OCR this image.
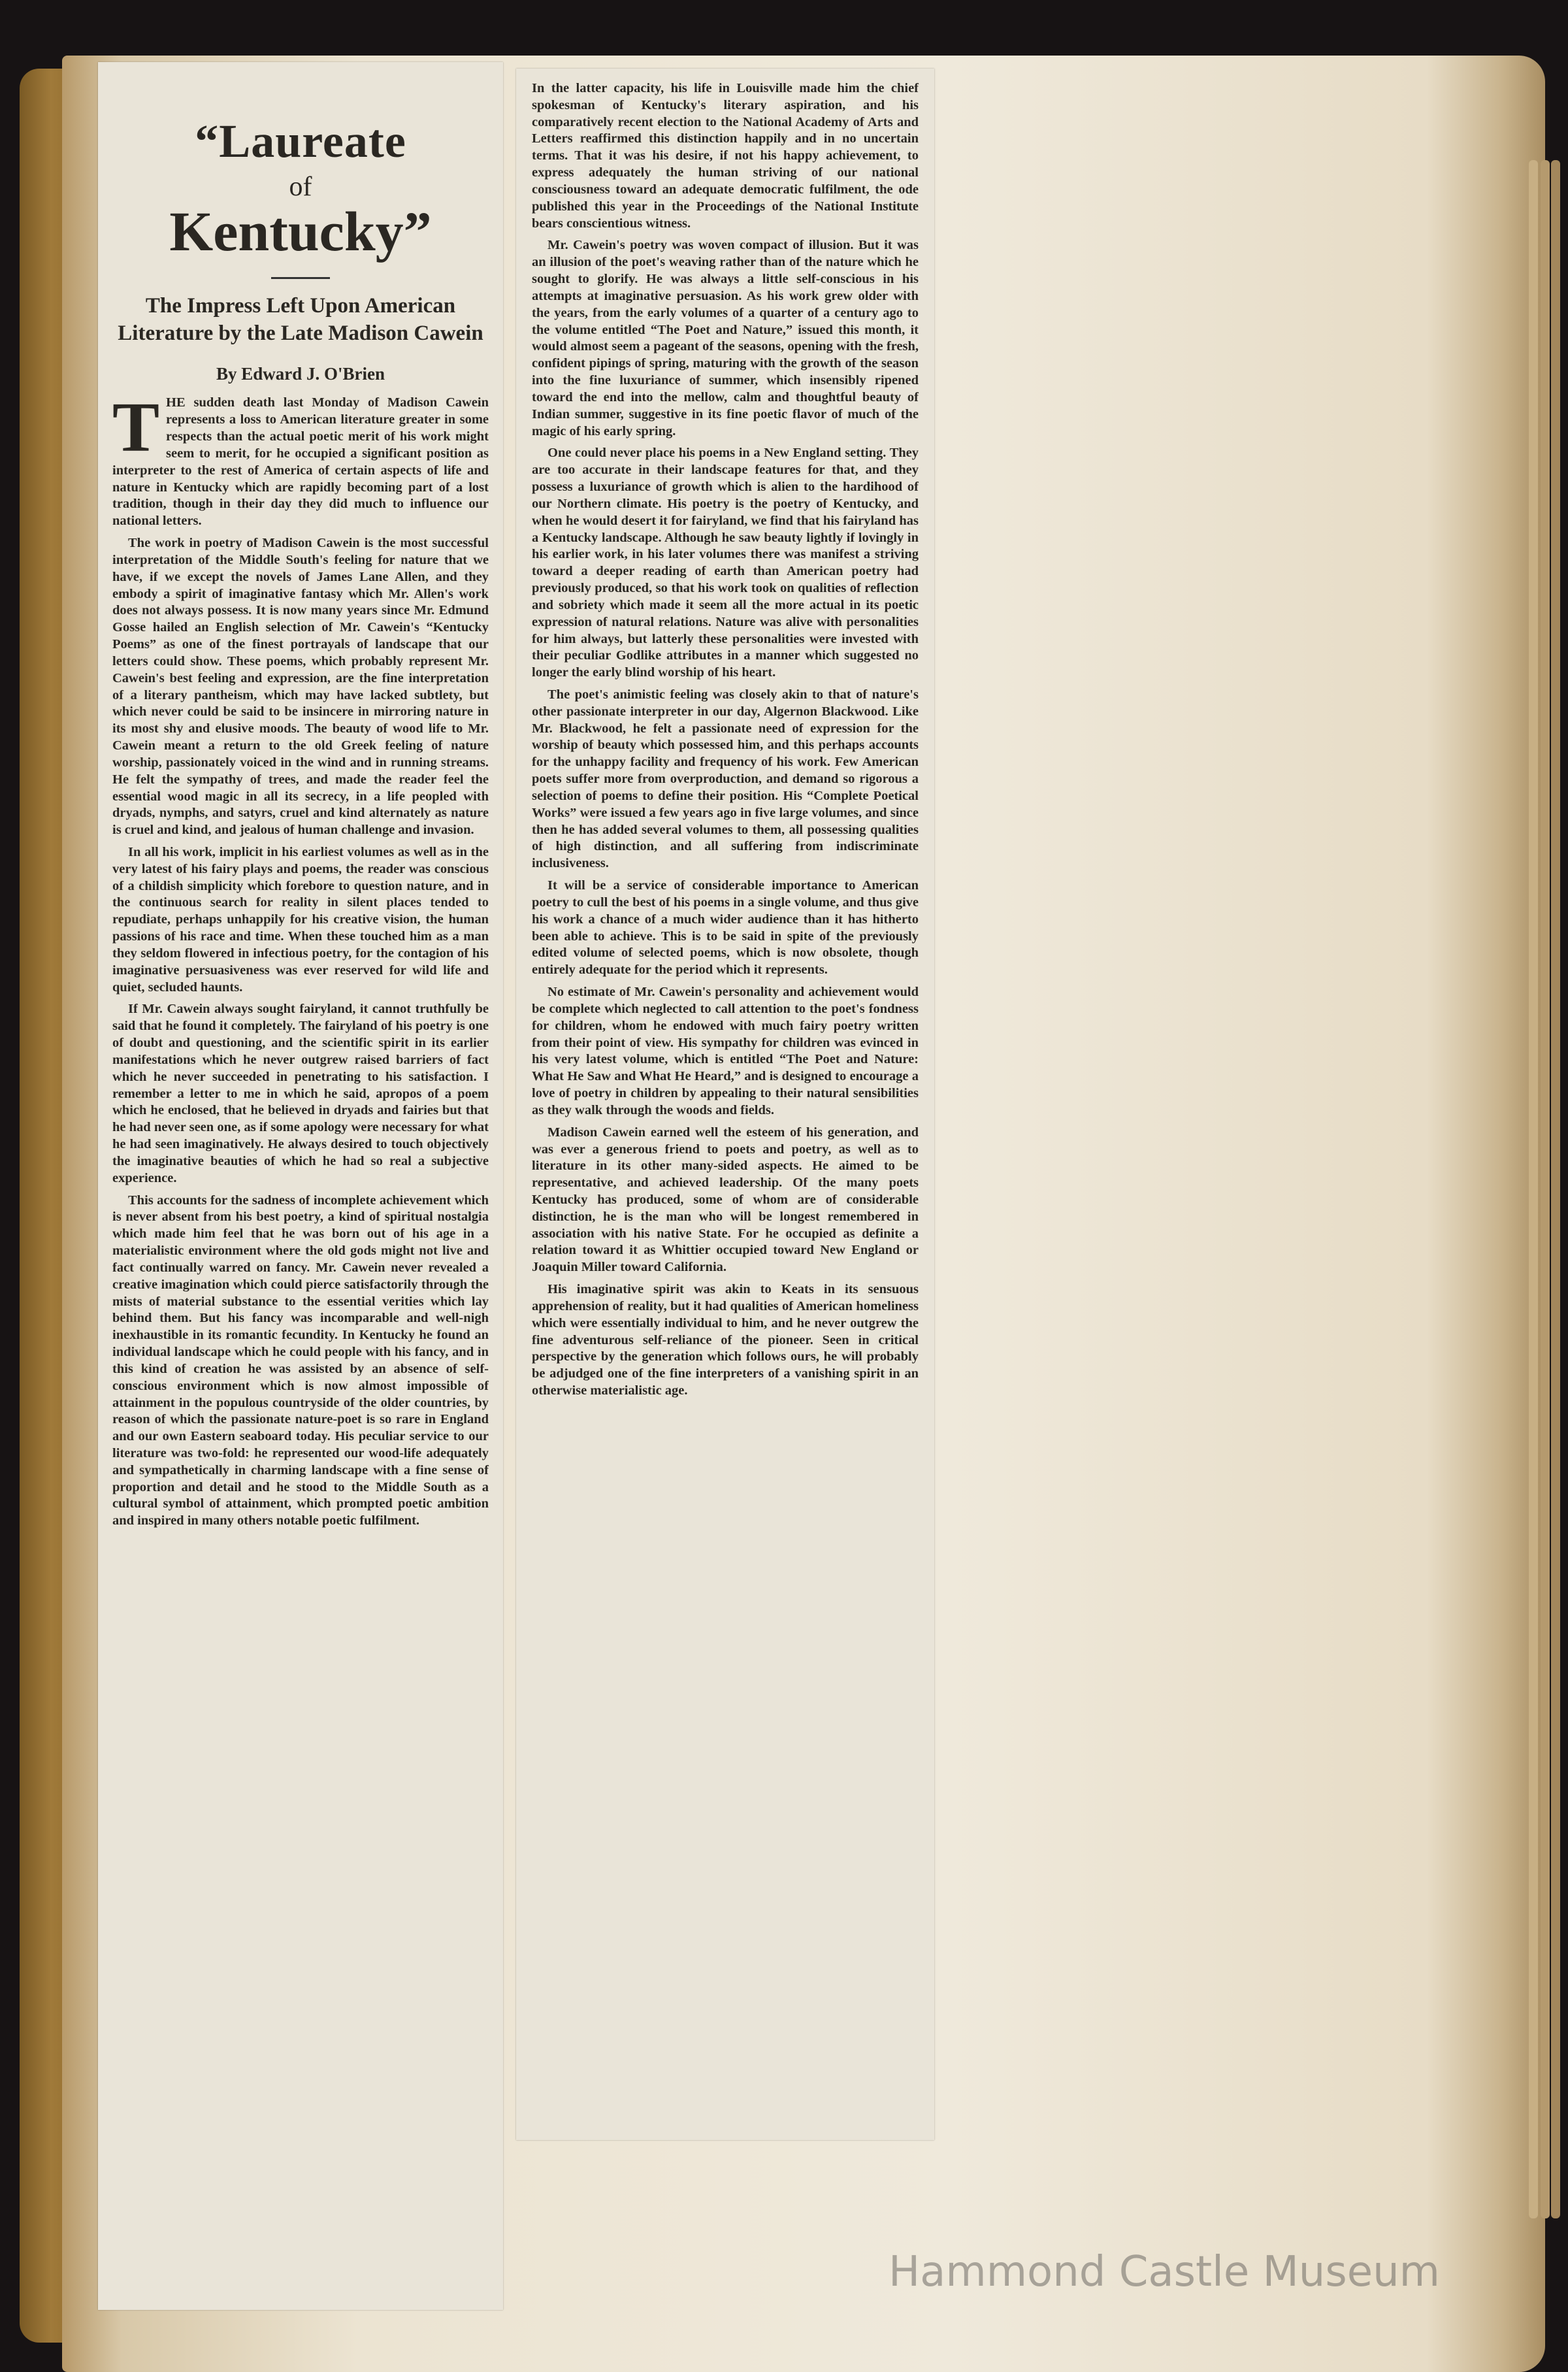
“Laureate
of
Kentucky”
The Impress Left Upon American Literature by the Late Madison Cawein
By Edward J. O'Brien

THE sudden death last Monday of Madison Cawein represents a loss to American literature greater in some respects than the actual poetic merit of his work might seem to merit, for he occupied a significant position as interpreter to the rest of America of certain aspects of life and nature in Kentucky which are rapidly becoming part of a lost tradition, though in their day they did much to influence our national letters.

The work in poetry of Madison Cawein is the most successful interpretation of the Middle South's feeling for nature that we have, if we except the novels of James Lane Allen, and they embody a spirit of imaginative fantasy which Mr. Allen's work does not always possess. It is now many years since Mr. Edmund Gosse hailed an English selection of Mr. Cawein's “Kentucky Poems” as one of the finest portrayals of landscape that our letters could show. These poems, which probably represent Mr. Cawein's best feeling and expression, are the fine interpretation of a literary pantheism, which may have lacked subtlety, but which never could be said to be insincere in mirroring nature in its most shy and elusive moods. The beauty of wood life to Mr. Cawein meant a return to the old Greek feeling of nature worship, passionately voiced in the wind and in running streams. He felt the sympathy of trees, and made the reader feel the essential wood magic in all its secrecy, in a life peopled with dryads, nymphs, and satyrs, cruel and kind alternately as nature is cruel and kind, and jealous of human challenge and invasion.

In all his work, implicit in his earliest volumes as well as in the very latest of his fairy plays and poems, the reader was conscious of a childish simplicity which forebore to question nature, and in the continuous search for reality in silent places tended to repudiate, perhaps unhappily for his creative vision, the human passions of his race and time. When these touched him as a man they seldom flowered in infectious poetry, for the contagion of his imaginative persuasiveness was ever reserved for wild life and quiet, secluded haunts.

If Mr. Cawein always sought fairyland, it cannot truthfully be said that he found it completely. The fairyland of his poetry is one of doubt and questioning, and the scientific spirit in its earlier manifestations which he never outgrew raised barriers of fact which he never succeeded in penetrating to his satisfaction. I remember a letter to me in which he said, apropos of a poem which he enclosed, that he believed in dryads and fairies but that he had never seen one, as if some apology were necessary for what he had seen imaginatively. He always desired to touch objectively the imaginative beauties of which he had so real a subjective experience.

This accounts for the sadness of incomplete achievement which is never absent from his best poetry, a kind of spiritual nostalgia which made him feel that he was born out of his age in a materialistic environment where the old gods might not live and fact continually warred on fancy. Mr. Cawein never revealed a creative imagination which could pierce satisfactorily through the mists of material substance to the essential verities which lay behind them. But his fancy was incomparable and well-nigh inexhaustible in its romantic fecundity. In Kentucky he found an individual landscape which he could people with his fancy, and in this kind of creation he was assisted by an absence of self-conscious environment which is now almost impossible of attainment in the populous countryside of the older countries, by reason of which the passionate nature-poet is so rare in England and our own Eastern seaboard today. His peculiar service to our literature was two-fold: he represented our wood-life adequately and sympathetically in charming landscape with a fine sense of proportion and detail and he stood to the Middle South as a cultural symbol of attainment, which prompted poetic ambition and inspired in many others notable poetic fulfilment.

In the latter capacity, his life in Louisville made him the chief spokesman of Kentucky's literary aspiration, and his comparatively recent election to the National Academy of Arts and Letters reaffirmed this distinction happily and in no uncertain terms. That it was his desire, if not his happy achievement, to express adequately the human striving of our national consciousness toward an adequate democratic fulfilment, the ode published this year in the Proceedings of the National Institute bears conscientious witness.

Mr. Cawein's poetry was woven compact of illusion. But it was an illusion of the poet's weaving rather than of the nature which he sought to glorify. He was always a little self-conscious in his attempts at imaginative persuasion. As his work grew older with the years, from the early volumes of a quarter of a century ago to the volume entitled “The Poet and Nature,” issued this month, it would almost seem a pageant of the seasons, opening with the fresh, confident pipings of spring, maturing with the growth of the season into the fine luxuriance of summer, which insensibly ripened toward the end into the mellow, calm and thoughtful beauty of Indian summer, suggestive in its fine poetic flavor of much of the magic of his early spring.

One could never place his poems in a New England setting. They are too accurate in their landscape features for that, and they possess a luxuriance of growth which is alien to the hardihood of our Northern climate. His poetry is the poetry of Kentucky, and when he would desert it for fairyland, we find that his fairyland has a Kentucky landscape. Although he saw beauty lightly if lovingly in his earlier work, in his later volumes there was manifest a striving toward a deeper reading of earth than American poetry had previously produced, so that his work took on qualities of reflection and sobriety which made it seem all the more actual in its poetic expression of natural relations. Nature was alive with personalities for him always, but latterly these personalities were invested with their peculiar Godlike attributes in a manner which suggested no longer the early blind worship of his heart.

The poet's animistic feeling was closely akin to that of nature's other passionate interpreter in our day, Algernon Blackwood. Like Mr. Blackwood, he felt a passionate need of expression for the worship of beauty which possessed him, and this perhaps accounts for the unhappy facility and frequency of his work. Few American poets suffer more from overproduction, and demand so rigorous a selection of poems to define their position. His “Complete Poetical Works” were issued a few years ago in five large volumes, and since then he has added several volumes to them, all possessing qualities of high distinction, and all suffering from indiscriminate inclusiveness.

It will be a service of considerable importance to American poetry to cull the best of his poems in a single volume, and thus give his work a chance of a much wider audience than it has hitherto been able to achieve. This is to be said in spite of the previously edited volume of selected poems, which is now obsolete, though entirely adequate for the period which it represents.

No estimate of Mr. Cawein's personality and achievement would be complete which neglected to call attention to the poet's fondness for children, whom he endowed with much fairy poetry written from their point of view. His sympathy for children was evinced in his very latest volume, which is entitled “The Poet and Nature: What He Saw and What He Heard,” and is designed to encourage a love of poetry in children by appealing to their natural sensibilities as they walk through the woods and fields.

Madison Cawein earned well the esteem of his generation, and was ever a generous friend to poets and poetry, as well as to literature in its other many-sided aspects. He aimed to be representative, and achieved leadership. Of the many poets Kentucky has produced, some of whom are of considerable distinction, he is the man who will be longest remembered in association with his native State. For he occupied as definite a relation toward it as Whittier occupied toward New England or Joaquin Miller toward California.

His imaginative spirit was akin to Keats in its sensuous apprehension of reality, but it had qualities of American homeliness which were essentially individual to him, and he never outgrew the fine adventurous self-reliance of the pioneer. Seen in critical perspective by the generation which follows ours, he will probably be adjudged one of the fine interpreters of a vanishing spirit in an otherwise materialistic age.

Hammond Castle Museum
